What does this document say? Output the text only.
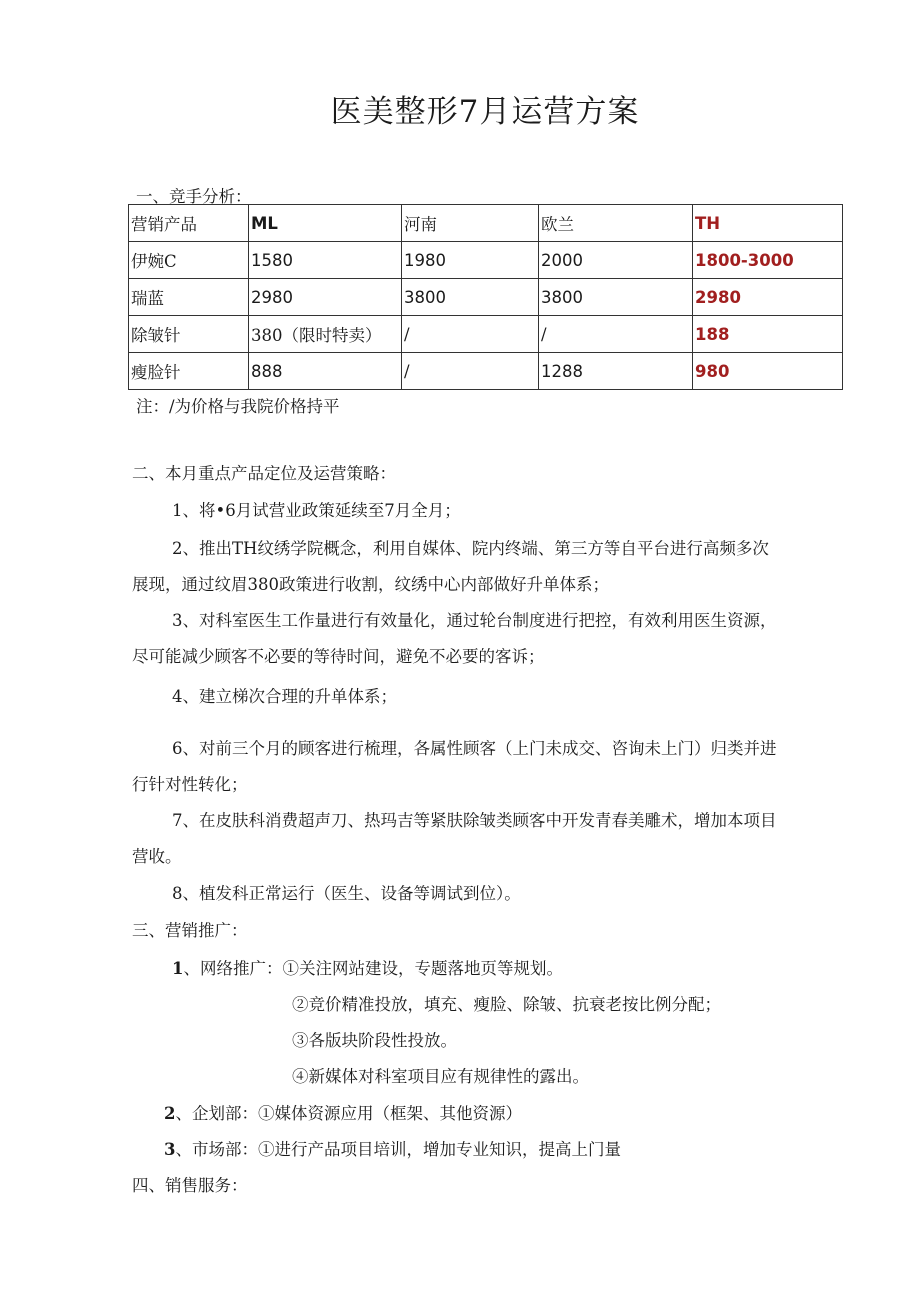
医美整形7月运营方案
一、竞手分析：
营销产品	ML	河南	欧兰	TH
伊婉C	1580	1980	2000	1800-3000
瑞蓝	2980	3800	3800	2980
除皱针	380（限时特卖）	/	/	188
瘦脸针	888	/	1288	980
注：/为价格与我院价格持平
二、本月重点产品定位及运营策略：
1、将•6月试营业政策延续至7月全月；
2、推出TH纹绣学院概念，利用自媒体、院内终端、第三方等自平台进行高频多次
展现，通过纹眉380政策进行收割，纹绣中心内部做好升单体系；
3、对科室医生工作量进行有效量化，通过轮台制度进行把控，有效利用医生资源，
尽可能减少顾客不必要的等待时间，避免不必要的客诉；
4、建立梯次合理的升单体系；
6、对前三个月的顾客进行梳理，各属性顾客（上门未成交、咨询未上门）归类并进
行针对性转化；
7、在皮肤科消费超声刀、热玛吉等紧肤除皱类顾客中开发青春美雕术，增加本项目
营收。
8、植发科正常运行（医生、设备等调试到位）。
三、营销推广：
1、网络推广：①关注网站建设，专题落地页等规划。
②竞价精准投放，填充、瘦脸、除皱、抗衰老按比例分配；
③各版块阶段性投放。
④新媒体对科室项目应有规律性的露出。
2、企划部：①媒体资源应用（框架、其他资源）
3、市场部：①进行产品项目培训，增加专业知识，提高上门量
四、销售服务：
